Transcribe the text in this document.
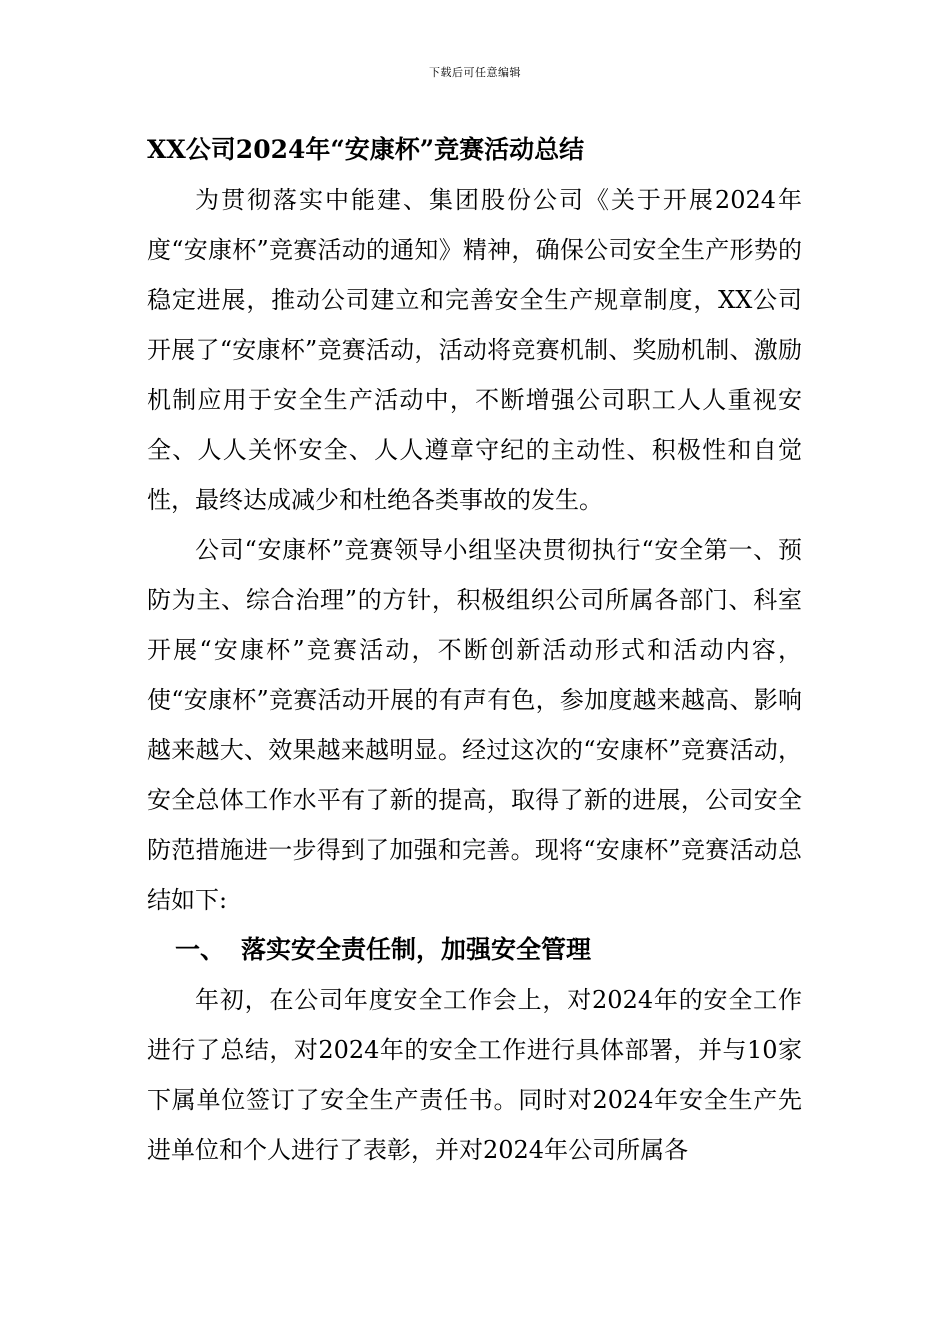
下载后可任意编辑
XX公司2024年“安康杯”竞赛活动总结

为贯彻落实中能建、集团股份公司《关于开展2024年度“安康杯”竞赛活动的通知》精神，确保公司安全生产形势的稳定进展，推动公司建立和完善安全生产规章制度，XX公司开展了“安康杯”竞赛活动，活动将竞赛机制、奖励机制、激励机制应用于安全生产活动中，不断增强公司职工人人重视安全、人人关怀安全、人人遵章守纪的主动性、积极性和自觉性，最终达成减少和杜绝各类事故的发生。

公司“安康杯”竞赛领导小组坚决贯彻执行“安全第一、预防为主、综合治理”的方针，积极组织公司所属各部门、科室开展“安康杯”竞赛活动，不断创新活动形式和活动内容，使“安康杯”竞赛活动开展的有声有色，参加度越来越高、影响越来越大、效果越来越明显。经过这次的“安康杯”竞赛活动，安全总体工作水平有了新的提高，取得了新的进展，公司安全防范措施进一步得到了加强和完善。现将“安康杯”竞赛活动总结如下:

一、 落实安全责任制，加强安全管理

年初，在公司年度安全工作会上，对2024年的安全工作进行了总结，对2024年的安全工作进行具体部署，并与10家下属单位签订了安全生产责任书。同时对2024年安全生产先进单位和个人进行了表彰，并对2024年公司所属各
